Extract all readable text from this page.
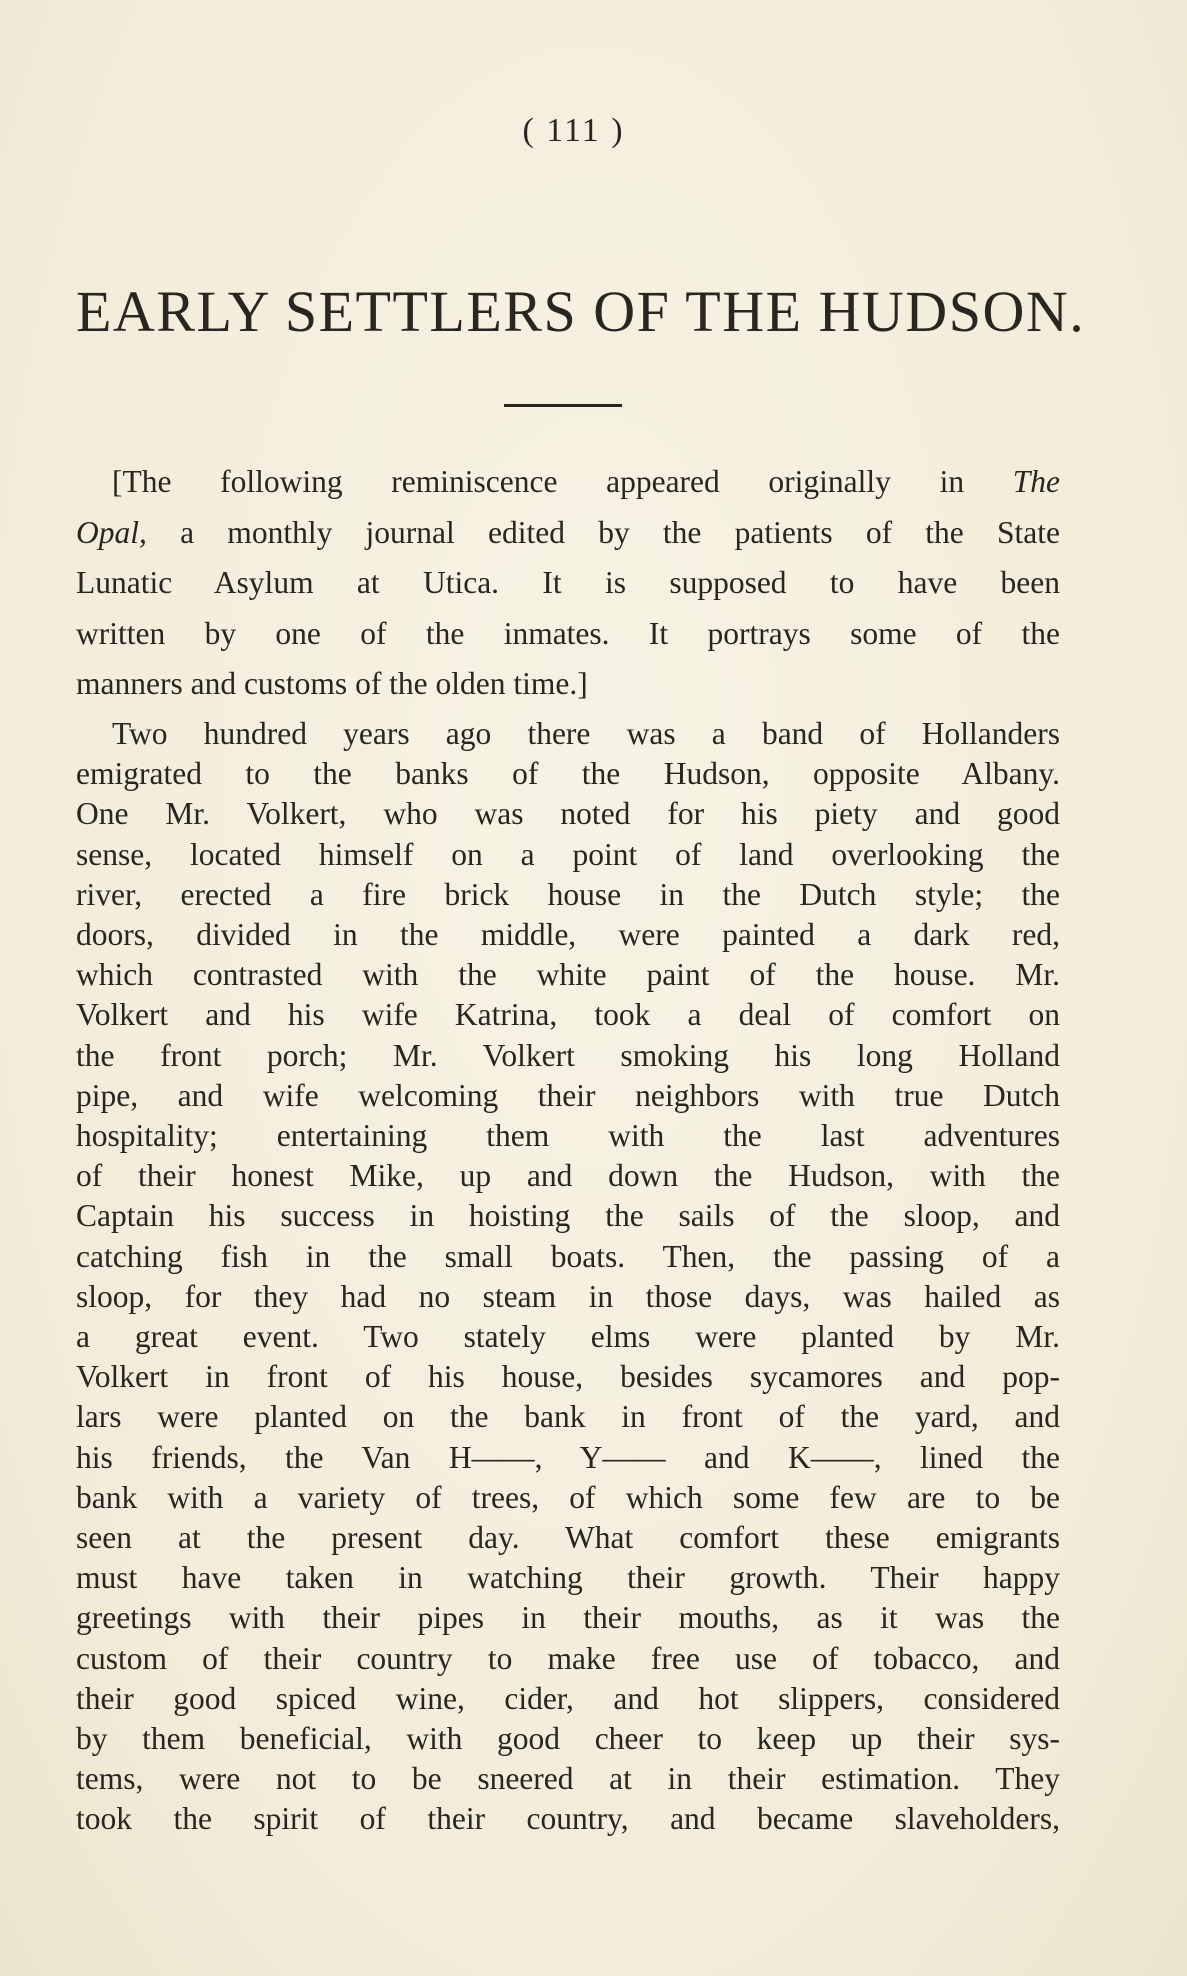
( 111 )
EARLY SETTLERS OF THE HUDSON.
[The following reminiscence appeared originally in The
Opal, a monthly journal edited by the patients of the State
Lunatic Asylum at Utica. It is supposed to have been
written by one of the inmates. It portrays some of the
manners and customs of the olden time.]
Two hundred years ago there was a band of Hollanders
emigrated to the banks of the Hudson, opposite Albany.
One Mr. Volkert, who was noted for his piety and good
sense, located himself on a point of land overlooking the
river, erected a fire brick house in the Dutch style; the
doors, divided in the middle, were painted a dark red,
which contrasted with the white paint of the house. Mr.
Volkert and his wife Katrina, took a deal of comfort on
the front porch; Mr. Volkert smoking his long Holland
pipe, and wife welcoming their neighbors with true Dutch
hospitality; entertaining them with the last adventures
of their honest Mike, up and down the Hudson, with the
Captain his success in hoisting the sails of the sloop, and
catching fish in the small boats. Then, the passing of a
sloop, for they had no steam in those days, was hailed as
a great event. Two stately elms were planted by Mr.
Volkert in front of his house, besides sycamores and pop-
lars were planted on the bank in front of the yard, and
his friends, the Van H——, Y—— and K——, lined the
bank with a variety of trees, of which some few are to be
seen at the present day. What comfort these emigrants
must have taken in watching their growth. Their happy
greetings with their pipes in their mouths, as it was the
custom of their country to make free use of tobacco, and
their good spiced wine, cider, and hot slippers, considered
by them beneficial, with good cheer to keep up their sys-
tems, were not to be sneered at in their estimation. They
took the spirit of their country, and became slaveholders,
